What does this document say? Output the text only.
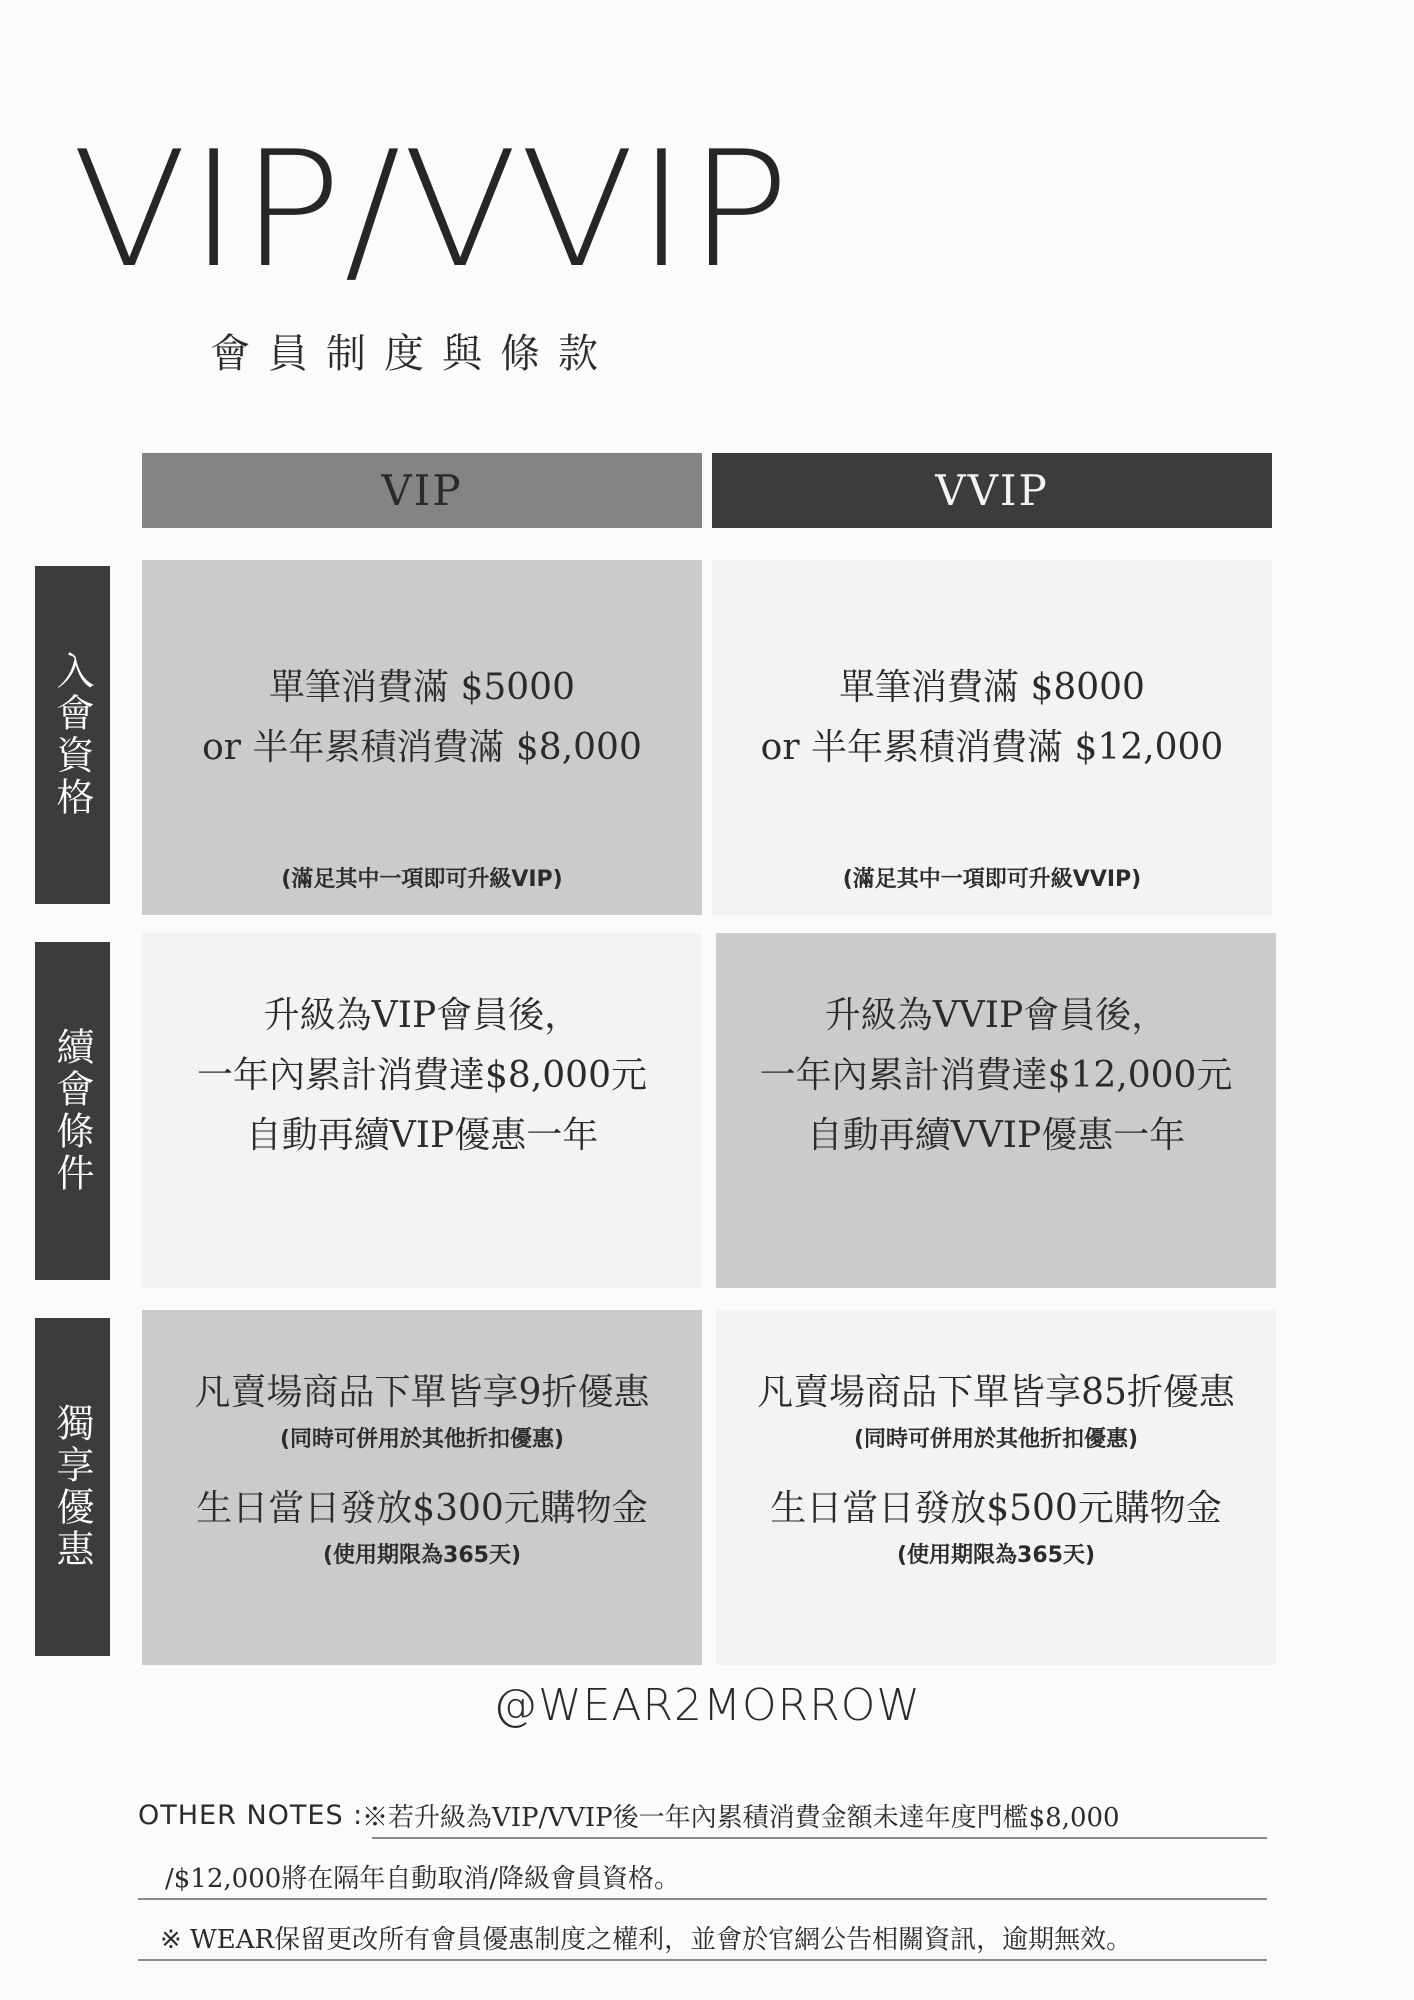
VIP/VVIP
會員制度與條款
VIP	VVIP
入會資格	單筆消費滿 $5000
or 半年累積消費滿 $8,000
(滿足其中一項即可升級VIP)
單筆消費滿 $8000
or 半年累積消費滿 $12,000
(滿足其中一項即可升級VVIP)
續會條件
升級為VIP會員後，
一年內累計消費達$8,000元
自動再續VIP優惠一年
升級為VVIP會員後，
一年內累計消費達$12,000元
自動再續VVIP優惠一年
獨享優惠
凡賣場商品下單皆享9折優惠
(同時可併用於其他折扣優惠)
生日當日發放$300元購物金
(使用期限為365天)
凡賣場商品下單皆享85折優惠
(同時可併用於其他折扣優惠)
生日當日發放$500元購物金
(使用期限為365天)
@WEAR2MORROW
OTHER NOTES :
※若升級為VIP/VVIP後一年內累積消費金額未達年度門檻$8,000
/$12,000將在隔年自動取消/降級會員資格。
※ WEAR保留更改所有會員優惠制度之權利，並會於官網公告相關資訊，逾期無效。
